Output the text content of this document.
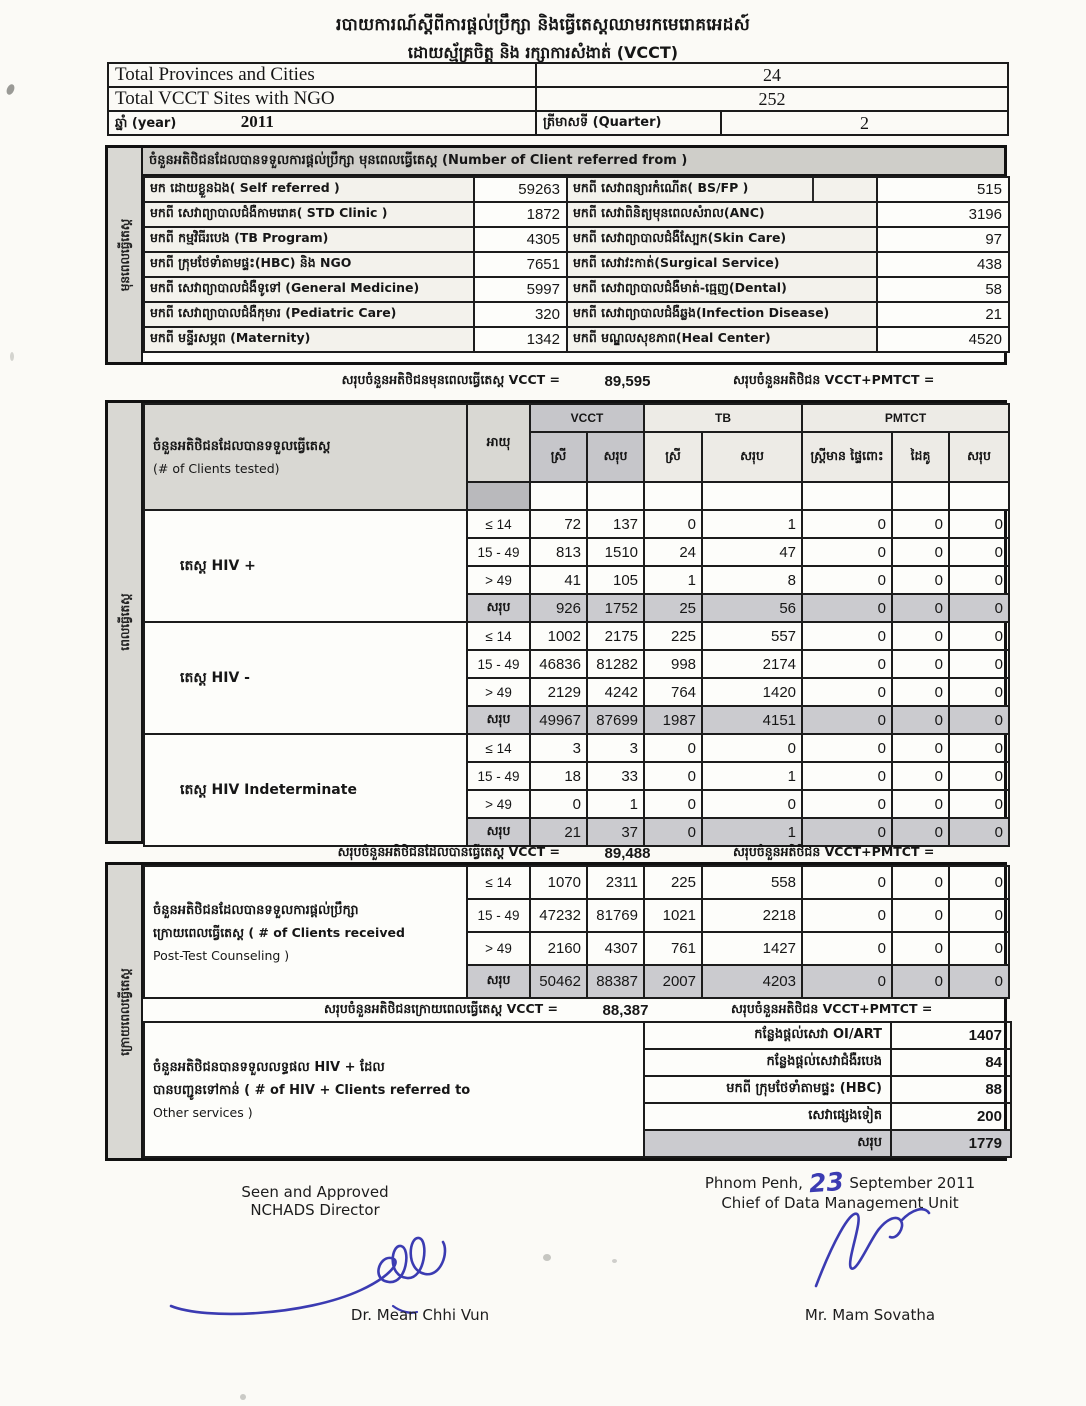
របាយការណ៍ស្តីពីការផ្តល់ប្រឹក្សា និងធ្វើតេស្តឈាមរកមេរោគអេដស៍
ដោយស្ម័គ្រចិត្ត និង រក្សាការសំងាត់ (VCCT)
Total Provinces and Cities	24	
Total VCCT Sites with NGO	252	
ឆ្នាំ (year) 2011	ត្រីមាសទី (Quarter)	2
មុនពេលធ្វើតេស្ត
ចំនួនអតិថិជនដែលបានទទួលការផ្តល់ប្រឹក្សា មុនពេលធ្វើតេស្ត (Number of Client referred from )
មក ដោយខ្លួនឯង( Self referred )	59263	មកពី សេវាពន្យារកំណើត( BS/FP )	515
មកពី សេវាព្យាបាលជំងឺកាមរោគ( STD Clinic )	1872	មកពី សេវាពិនិត្យមុនពេលសំរាល(ANC)	3196
មកពី កម្មវិធីរបេង (TB Program)	4305	មកពី សេវាព្យាបាលជំងឺស្បែក(Skin Care)	97
មកពី ក្រុមថែទាំតាមផ្ទះ(HBC) និង NGO	7651	មកពី សេវាវះកាត់(Surgical Service)	438
មកពី សេវាព្យាបាលជំងឺទូទៅ (General Medicine)	5997	មកពី សេវាព្យាបាលជំងឺមាត់-ធ្មេញ(Dental)	58
មកពី សេវាព្យាបាលជំងឺកុមារ (Pediatric Care)	320	មកពី សេវាព្យាបាលជំងឺឆ្លង(Infection Disease)	21
មកពី មន្ទីរសម្ភព (Maternity)	1342	មកពី មណ្ឌលសុខភាព(Heal Center)	4520
សរុបចំនួនអតិថិជនមុនពេលធ្វើតេស្ត VCCT =	89,595	សរុបចំនួនអតិថិជន VCCT+PMTCT =
ពេលធ្វើតេស្ត
ចំនួនអតិថិជនដែលបានទទួលធ្វើតេស្ត
(# of Clients tested)	អាយុ	VCCT		TB		PMTCT		
		ស្រី	សរុប	ស្រី	សរុប	ស្ត្រីមាន ផ្ទៃពោះ	ដៃគូ	សរុប

តេស្ត HIV +	≤ 14	72	137	0	1	0	0	0
	15 - 49	813	1510	24	47	0	0	0
	> 49	41	105	1	8	0	0	0
	សរុប	926	1752	25	56	0	0	0
តេស្ត HIV -	≤ 14	1002	2175	225	557	0	0	0
	15 - 49	46836	81282	998	2174	0	0	0
	> 49	2129	4242	764	1420	0	0	0
	សរុប	49967	87699	1987	4151	0	0	0
តេស្ត HIV Indeterminate	≤ 14	3	3	0	0	0	0	0
	15 - 49	18	33	0	1	0	0	0
	> 49	0	1	0	0	0	0	0
	សរុប	21	37	0	1	0	0	0
សរុបចំនួនអតិថិជនដែលបានធ្វើតេស្ត VCCT =	89,488	សរុបចំនួនអតិថិជន VCCT+PMTCT =
ក្រោយពេលធ្វើតេស្ត
ចំនួនអតិថិជនដែលបានទទួលការផ្តល់ប្រឹក្សា
ក្រោយពេលធ្វើតេស្ត ( # of Clients received
Post-Test Counseling )	≤ 14	1070	2311	225	558	0	0	0
	15 - 49	47232	81769	1021	2218	0	0	0
	> 49	2160	4307	761	1427	0	0	0
	សរុប	50462	88387	2007	4203	0	0	0
សរុបចំនួនអតិថិជនក្រោយពេលធ្វើតេស្ត VCCT =	88,387	សរុបចំនួនអតិថិជន VCCT+PMTCT =
ចំនួនអតិថិជនបានទទួលលទ្ធផល HIV + ដែល
បានបញ្ជូនទៅកាន់ ( # of HIV + Clients referred to
Other services )	កន្លែងផ្តល់សេវា OI/ART	1407
	កន្លែងផ្តល់សេវាជំងឺរបេង	84
	មកពី ក្រុមថែទាំតាមផ្ទះ (HBC)	88
	សេវាផ្សេងទៀត	200
	សរុប	1779
Seen and Approved
NCHADS Director
Dr. Mean Chhi Vun
Phnom Penh, 23 September 2011
Chief of Data Management Unit
Mr. Mam Sovatha
